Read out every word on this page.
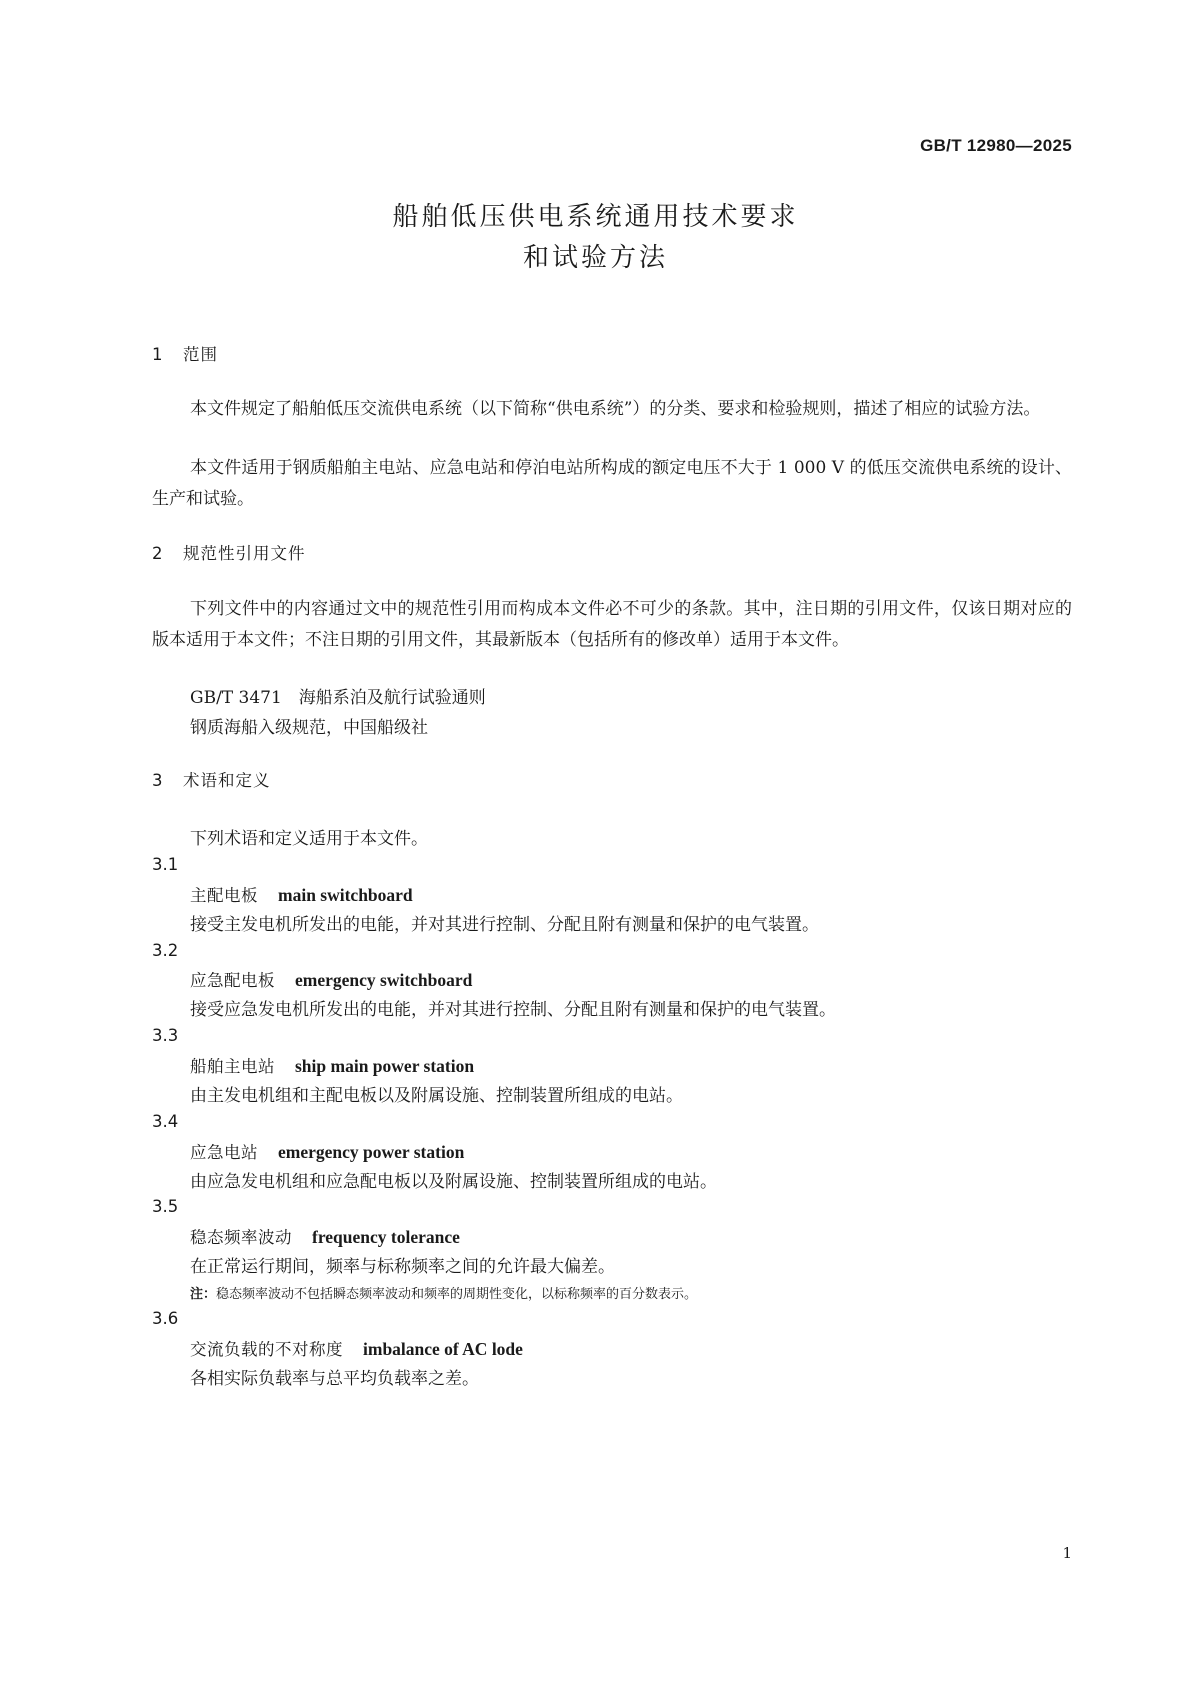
GB/T 12980—2025
船舶低压供电系统通用技术要求
和试验方法
1 范围
本文件规定了船舶低压交流供电系统（以下简称“供电系统”）的分类、要求和检验规则，描述了相应的试验方法。
本文件适用于钢质船舶主电站、应急电站和停泊电站所构成的额定电压不大于 1 000 V 的低压交流供电系统的设计、生产和试验。
2 规范性引用文件
下列文件中的内容通过文中的规范性引用而构成本文件必不可少的条款。其中，注日期的引用文件，仅该日期对应的版本适用于本文件；不注日期的引用文件，其最新版本（包括所有的修改单）适用于本文件。
GB/T 3471　海船系泊及航行试验通则
钢质海船入级规范，中国船级社
3 术语和定义
下列术语和定义适用于本文件。
3.1
主配电板 main switchboard
接受主发电机所发出的电能，并对其进行控制、分配且附有测量和保护的电气装置。
3.2
应急配电板 emergency switchboard
接受应急发电机所发出的电能，并对其进行控制、分配且附有测量和保护的电气装置。
3.3
船舶主电站 ship main power station
由主发电机组和主配电板以及附属设施、控制装置所组成的电站。
3.4
应急电站 emergency power station
由应急发电机组和应急配电板以及附属设施、控制装置所组成的电站。
3.5
稳态频率波动 frequency tolerance
在正常运行期间，频率与标称频率之间的允许最大偏差。
注：稳态频率波动不包括瞬态频率波动和频率的周期性变化，以标称频率的百分数表示。
3.6
交流负载的不对称度 imbalance of AC lode
各相实际负载率与总平均负载率之差。
1
